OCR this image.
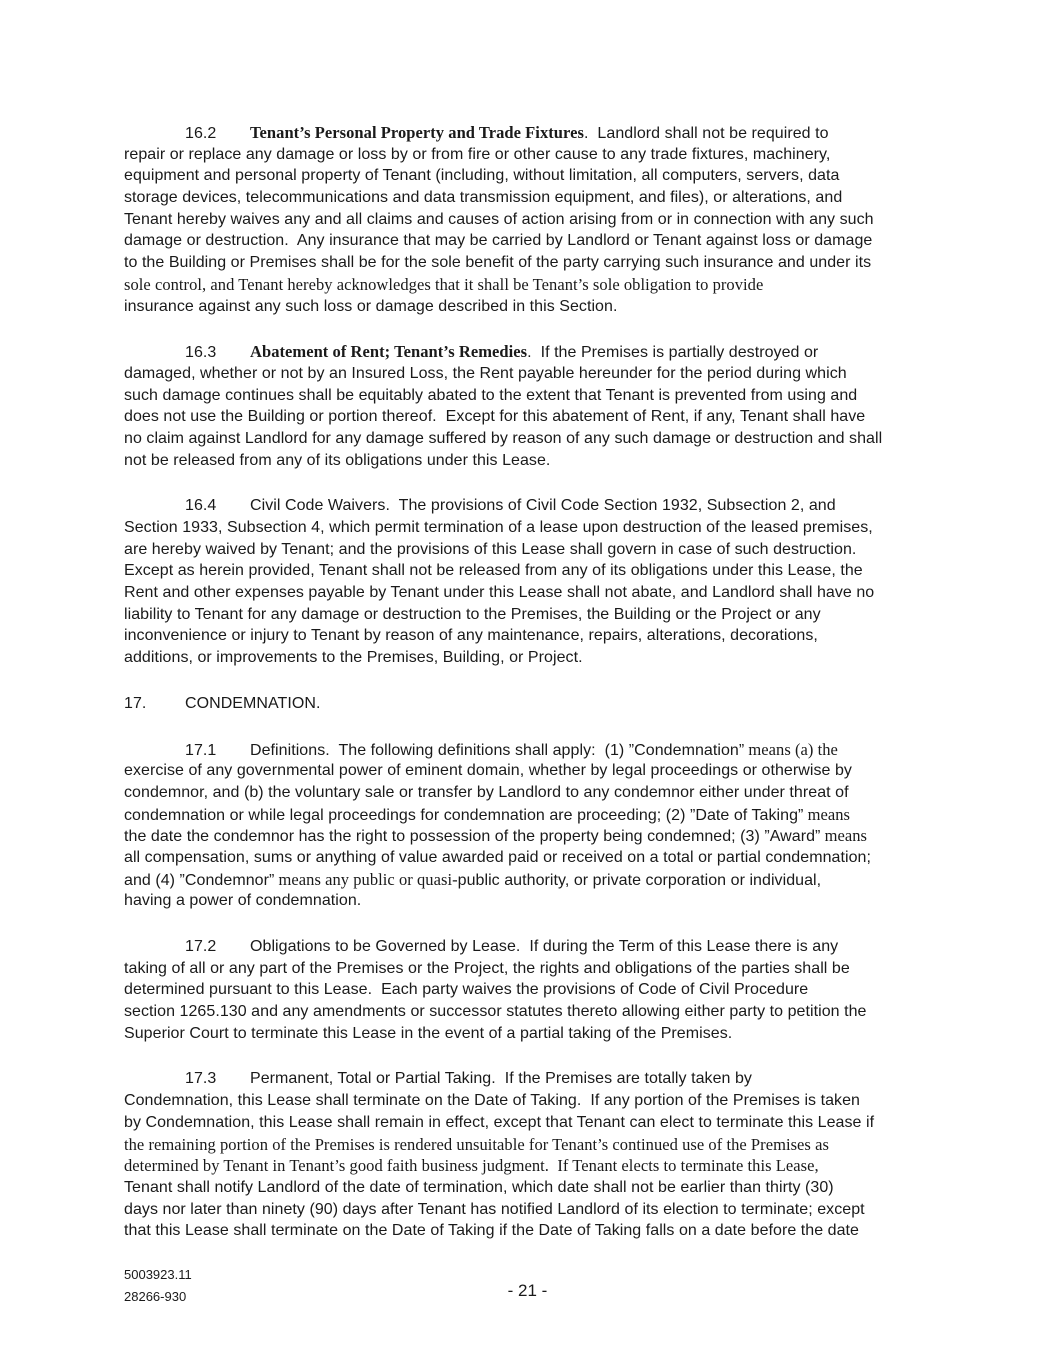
16.2 Tenant’s Personal Property and Trade Fixtures.  Landlord shall not be required to
repair or replace any damage or loss by or from fire or other cause to any trade fixtures, machinery,
equipment and personal property of Tenant (including, without limitation, all computers, servers, data
storage devices, telecommunications and data transmission equipment, and files), or alterations, and
Tenant hereby waives any and all claims and causes of action arising from or in connection with any such
damage or destruction.  Any insurance that may be carried by Landlord or Tenant against loss or damage
to the Building or Premises shall be for the sole benefit of the party carrying such insurance and under its
sole control, and Tenant hereby acknowledges that it shall be Tenant’s sole obligation to provide
insurance against any such loss or damage described in this Section.
16.3 Abatement of Rent; Tenant’s Remedies.  If the Premises is partially destroyed or
damaged, whether or not by an Insured Loss, the Rent payable hereunder for the period during which
such damage continues shall be equitably abated to the extent that Tenant is prevented from using and
does not use the Building or portion thereof.  Except for this abatement of Rent, if any, Tenant shall have
no claim against Landlord for any damage suffered by reason of any such damage or destruction and shall
not be released from any of its obligations under this Lease.
16.4 Civil Code Waivers.  The provisions of Civil Code Section 1932, Subsection 2, and
Section 1933, Subsection 4, which permit termination of a lease upon destruction of the leased premises,
are hereby waived by Tenant; and the provisions of this Lease shall govern in case of such destruction.
Except as herein provided, Tenant shall not be released from any of its obligations under this Lease, the
Rent and other expenses payable by Tenant under this Lease shall not abate, and Landlord shall have no
liability to Tenant for any damage or destruction to the Premises, the Building or the Project or any
inconvenience or injury to Tenant by reason of any maintenance, repairs, alterations, decorations,
additions, or improvements to the Premises, Building, or Project.
17. CONDEMNATION.
17.1 Definitions.  The following definitions shall apply:  (1) ”Condemnation” means (a) the
exercise of any governmental power of eminent domain, whether by legal proceedings or otherwise by
condemnor, and (b) the voluntary sale or transfer by Landlord to any condemnor either under threat of
condemnation or while legal proceedings for condemnation are proceeding; (2) ”Date of Taking” means
the date the condemnor has the right to possession of the property being condemned; (3) ”Award” means
all compensation, sums or anything of value awarded paid or received on a total or partial condemnation;
and (4) ”Condemnor” means any public or quasi-public authority, or private corporation or individual,
having a power of condemnation.
17.2 Obligations to be Governed by Lease.  If during the Term of this Lease there is any
taking of all or any part of the Premises or the Project, the rights and obligations of the parties shall be
determined pursuant to this Lease.  Each party waives the provisions of Code of Civil Procedure
section 1265.130 and any amendments or successor statutes thereto allowing either party to petition the
Superior Court to terminate this Lease in the event of a partial taking of the Premises.
17.3 Permanent, Total or Partial Taking.  If the Premises are totally taken by
Condemnation, this Lease shall terminate on the Date of Taking.  If any portion of the Premises is taken
by Condemnation, this Lease shall remain in effect, except that Tenant can elect to terminate this Lease if
the remaining portion of the Premises is rendered unsuitable for Tenant’s continued use of the Premises as
determined by Tenant in Tenant’s good faith business judgment.  If Tenant elects to terminate this Lease,
Tenant shall notify Landlord of the date of termination, which date shall not be earlier than thirty (30)
days nor later than ninety (90) days after Tenant has notified Landlord of its election to terminate; except
that this Lease shall terminate on the Date of Taking if the Date of Taking falls on a date before the date
5003923.11
28266-930	- 21 -
